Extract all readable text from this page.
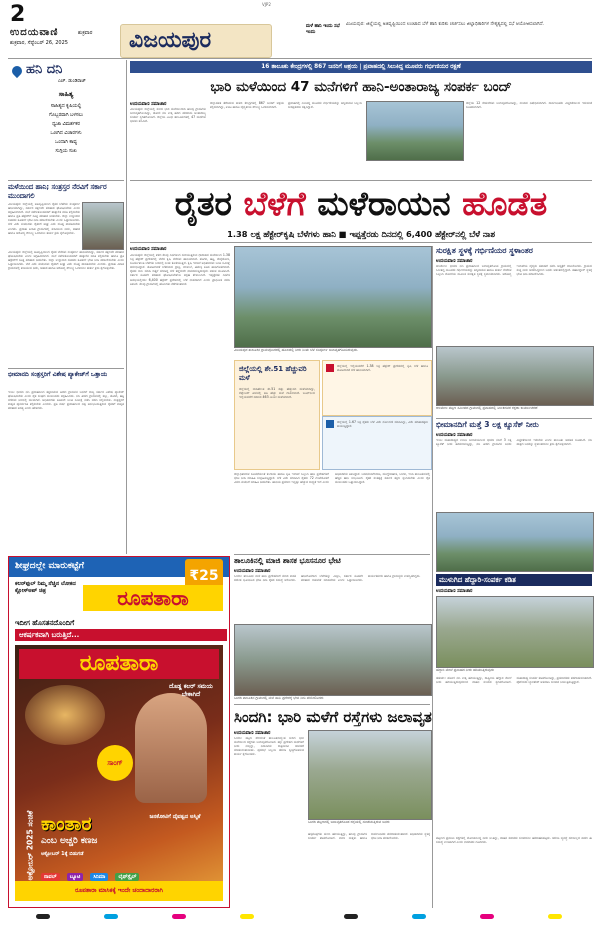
2	VJP2
ಉದಯವಾಣಿ	ಶುಕ್ರವಾರ
ಶುಕ್ರವಾರ, ಸೆಪ್ಟೆಂಬರ್ 26, 2025	ವಿಜಯಪುರ
ಮಳೆ ಹಾನಿ ಇಂದು ಸಭೆ ಇಂದು
ವಿಜಯಪುರ: ಜಿಲ್ಲೆಯಲ್ಲಿ ಅತಿವೃಷ್ಟಿಯಿಂದ ಉಂಟಾದ ಬೆಳೆ ಹಾನಿ ಕುರಿತು ಚರ್ಚಿಸಲು ಜಿಲ್ಲಾಧಿಕಾರಿಗಳ ನೇತೃತ್ವದಲ್ಲಿ ಸಭೆ ಆಯೋಜಿಸಲಾಗಿದೆ.
ಹನಿ ದನಿ
ಎಚ್. ಡುಂಡಿರಾಜ್
ಸಾಹಿತ್ಯ
ಸಾಹಿತ್ಯದ ಕೃಷಿಯಲ್ಲಿ
ಗೊಬ್ಬರವಾಗಿ ಬಳಸಲು
ಧ್ವಜಾ ವಿಮರ್ಶಕರ
ಒಣಗಿದ ವಿಚಾರಗಳು
ಒಂದಾಗಿ ಕಾವ್ಯ
ಸುಗ್ಗಿಯ ಸುಖ
16 ತಾಲೂಕು ಕೇಂದ್ರಗಳಲ್ಲಿ 867 ಜನರಿಗೆ ಆಶ್ರಯ | ಪ್ರವಾಹದಲ್ಲಿ ಸಿಲುಕಿದ್ದ ಮೂವರು ಗರ್ಭಿಣಿಯರ ರಕ್ಷಣೆ
ಭಾರಿ ಮಳೆಯಿಂದ 47 ಮನೆಗಳಿಗೆ ಹಾನಿ-ಅಂತಾರಾಜ್ಯ ಸಂಪರ್ಕ ಬಂದ್
ಉದಯವಾಣಿ ಸಮಾಚಾರ
ವಿಜಯಪುರ: ಜಿಲ್ಲೆಯಲ್ಲಿ ಸುರಿದ ಭಾರಿ ಮಳೆಯಿಂದಾಗಿ ಹಲವು ಗ್ರಾಮಗಳು ಜಲಾವೃತಗೊಂಡಿದ್ದು, ಡೋಣಿ ನದಿ ಉಕ್ಕಿ ಹರಿದ ಪರಿಣಾಮ ಅಂತಾರಾಜ್ಯ ಸಂಪರ್ಕ ಸ್ಥಗಿತಗೊಂಡಿದೆ. ಜಿಲ್ಲೆಯ ವಿವಿಧ ತಾಲೂಕುಗಳಲ್ಲಿ 47 ಮನೆಗಳು ಭಾಗಶಃ ಕುಸಿದಿವೆ.
ಜಿಲ್ಲಾಡಳಿತ ತೆರೆದಿರುವ ಕಾಳಜಿ ಕೇಂದ್ರಗಳಲ್ಲಿ 867 ಜನರಿಗೆ ಆಶ್ರಯ ಕಲ್ಪಿಸಲಾಗಿದ್ದು, ಊಟ ಹಾಗೂ ವೈದ್ಯಕೀಯ ಸೌಲಭ್ಯ ಒದಗಿಸಲಾಗಿದೆ.
ಪ್ರವಾಹದಲ್ಲಿ ಸಿಲುಕಿದ್ದ ಮೂವರು ಗರ್ಭಿಣಿಯರನ್ನು ಅಗ್ನಿಶಾಮಕ ಸಿಬ್ಬಂದಿ ಸುರಕ್ಷಿತವಾಗಿ ರಕ್ಷಿಸಿದ್ದಾರೆ.
ಜಿಲ್ಲೆಯ 12 ಸೇತುವೆಗಳು ಜಲಾವೃತಗೊಂಡಿದ್ದು, ಸಂಚಾರ ನಿಷೇಧಿಸಲಾಗಿದೆ. ಸಾರ್ವಜನಿಕರು ಎಚ್ಚರಿಕೆಯಿಂದ ಇರುವಂತೆ ಸೂಚಿಸಲಾಗಿದೆ.
ಮಳೆಯಿಂದ ಹಾನಿ; ಸಂತ್ರಸ್ತರ ನೆರವಿಗೆ ಸರ್ಕಾರ ಮುಂದಾಗಲಿ
ವಿಜಯಪುರ: ಜಿಲ್ಲೆಯಲ್ಲಿ ಅತಿವೃಷ್ಟಿಯಿಂದ ರೈತರ ಬೆಳೆಗಳು ಸಂಪೂರ್ಣ ಹಾನಿಯಾಗಿದ್ದು, ಸರ್ಕಾರ ತಕ್ಷಣವೇ ಪರಿಹಾರ ಘೋಷಿಸಬೇಕು ಎಂದು ಆಗ್ರಹಿಸಲಾಗಿದೆ. ಮನೆ ಕಳೆದುಕೊಂಡವರಿಗೆ ತಾತ್ಕಾಲಿಕ ವಸತಿ ಕಲ್ಪಿಸಬೇಕು ಹಾಗೂ ಪ್ರತಿ ಹೆಕ್ಟೇರ್‌ಗೆ ಸೂಕ್ತ ಪರಿಹಾರ ನೀಡಬೇಕು. ಜಿಲ್ಲಾ ಉಸ್ತುವಾರಿ ಸಚಿವರು ಕೂಡಲೇ ಭೇಟಿ ನೀಡಿ ಪರಿಶೀಲಿಸಬೇಕು ಎಂದು ಒತ್ತಾಯಿಸಿದರು. ಬೆಳೆ ವಿಮೆ ಕಂಪನಿಗಳು ರೈತರಿಗೆ ಶೀಘ್ರ ವಿಮೆ ಮೊತ್ತ ಪಾವತಿಸಬೇಕು ಎಂದರು. ಪ್ರವಾಹ ಪೀಡಿತ ಗ್ರಾಮಗಳಲ್ಲಿ ಕುಡಿಯುವ ನೀರು, ಆಹಾರ ಹಾಗೂ ಆರೋಗ್ಯ ಸೌಲಭ್ಯ ಒದಗಿಸಲು ತುರ್ತು ಕ್ರಮ ಕೈಗೊಳ್ಳಬೇಕು.
ವಿಜಯಪುರ: ಜಿಲ್ಲೆಯಲ್ಲಿ ಅತಿವೃಷ್ಟಿಯಿಂದ ರೈತರ ಬೆಳೆಗಳು ಸಂಪೂರ್ಣ ಹಾನಿಯಾಗಿದ್ದು, ಸರ್ಕಾರ ತಕ್ಷಣವೇ ಪರಿಹಾರ ಘೋಷಿಸಬೇಕು ಎಂದು ಆಗ್ರಹಿಸಲಾಗಿದೆ. ಮನೆ ಕಳೆದುಕೊಂಡವರಿಗೆ ತಾತ್ಕಾಲಿಕ ವಸತಿ ಕಲ್ಪಿಸಬೇಕು ಹಾಗೂ ಪ್ರತಿ ಹೆಕ್ಟೇರ್‌ಗೆ ಸೂಕ್ತ ಪರಿಹಾರ ನೀಡಬೇಕು. ಜಿಲ್ಲಾ ಉಸ್ತುವಾರಿ ಸಚಿವರು ಕೂಡಲೇ ಭೇಟಿ ನೀಡಿ ಪರಿಶೀಲಿಸಬೇಕು ಎಂದು ಒತ್ತಾಯಿಸಿದರು. ಬೆಳೆ ವಿಮೆ ಕಂಪನಿಗಳು ರೈತರಿಗೆ ಶೀಘ್ರ ವಿಮೆ ಮೊತ್ತ ಪಾವತಿಸಬೇಕು ಎಂದರು. ಪ್ರವಾಹ ಪೀಡಿತ ಗ್ರಾಮಗಳಲ್ಲಿ ಕುಡಿಯುವ ನೀರು, ಆಹಾರ ಹಾಗೂ ಆರೋಗ್ಯ ಸೌಲಭ್ಯ ಒದಗಿಸಲು ತುರ್ತು ಕ್ರಮ ಕೈಗೊಳ್ಳಬೇಕು.
ಭೀಮಾನದಿ ಸಂತ್ರಸ್ತರಿಗೆ ವಿಶೇಷ ಪ್ಯಾಕೇಜ್‌ಗೆ ಒತ್ತಾಯ
ಇಂಡಿ: ಭೀಮಾ ನದಿ ಪ್ರವಾಹದಿಂದ ತತ್ತರಿಸಿರುವ ತೀರದ ಗ್ರಾಮಗಳ ಜನರಿಗೆ ರಾಜ್ಯ ಸರ್ಕಾರ ವಿಶೇಷ ಪ್ಯಾಕೇಜ್ ಘೋಷಿಸಬೇಕು ಎಂದು ರೈತ ಸಂಘದ ಮುಖಂಡರು ಆಗ್ರಹಿಸಿದರು. ನದಿ ತೀರದ ಗ್ರಾಮಗಳಲ್ಲಿ ಕಬ್ಬು, ತೊಗರಿ, ಹತ್ತಿ ಬೆಳೆಗಳು ನೀರಿನಲ್ಲಿ ಮುಳುಗಿವೆ. ಅಧಿಕಾರಿಗಳು ಕೂಡಲೇ ಜಂಟಿ ಸಮೀಕ್ಷೆ ನಡೆಸಿ ವರದಿ ಸಲ್ಲಿಸಬೇಕು. ಸಂತ್ರಸ್ತರಿಗೆ ಶಾಶ್ವತ ಪುನರ್ವಸತಿ ಕಲ್ಪಿಸಬೇಕು ಎಂದರು. ಪ್ರತಿ ವರ್ಷ ಪ್ರವಾಹದಿಂದ ನಷ್ಟ ಅನುಭವಿಸುತ್ತಿರುವ ರೈತರಿಗೆ ಶಾಶ್ವತ ಪರಿಹಾರ ಅಗತ್ಯ ಎಂದು ಹೇಳಿದರು.
ರೈತರ ಬೆಳೆಗೆ ಮಳೆರಾಯನ ಹೊಡೆತ
1.38 ಲಕ್ಷ ಹೆಕ್ಟೇರ್‌ಕೃಷಿ ಬೆಳೆಗಳು ಹಾನಿ ■ ಇಪ್ಪತ್ತೆರಡು ದಿನದಲ್ಲಿ 6,400 ಹೆಕ್ಟೇರ್‌ನಲ್ಲಿ ಬೆಳೆ ನಾಶ
ಉದಯವಾಣಿ ಸಮಾಚಾರ
ವಿಜಯಪುರ: ಜಿಲ್ಲೆಯಲ್ಲಿ ಕಳೆದ ಕೆಲವು ದಿನಗಳಿಂದ ಸುರಿಯುತ್ತಿರುವ ಧಾರಾಕಾರ ಮಳೆಯಿಂದ 1.38 ಲಕ್ಷ ಹೆಕ್ಟೇರ್ ಪ್ರದೇಶದಲ್ಲಿ ಬೆಳೆದ ಕೃಷಿ ಬೆಳೆಗಳು ಹಾನಿಯಾಗಿವೆ. ತೊಗರಿ, ಹತ್ತಿ, ಮೆಕ್ಕೆಜೋಳ, ಸೂರ್ಯಕಾಂತಿ ಬೆಳೆಗಳು ನೀರಿನಲ್ಲಿ ನಿಂತು ಕೊಳೆಯುತ್ತಿವೆ. ಕೃಷಿ ಇಲಾಖೆ ಅಧಿಕಾರಿಗಳು ಜಂಟಿ ಸಮೀಕ್ಷೆ ಆರಂಭಿಸಿದ್ದಾರೆ. ತೋಟಗಾರಿಕೆ ಬೆಳೆಗಳಾದ ದ್ರಾಕ್ಷಿ, ದಾಳಿಂಬೆ, ಈರುಳ್ಳಿ ಕೂಡ ಹಾನಿಗೊಳಗಾಗಿವೆ. ರೈತರು ಸಾಲ ಮಾಡಿ ಬಿತ್ತನೆ ಮಾಡಿದ್ದ ಬೆಳೆ ಕಣ್ಣೆದುರೇ ನಾಶವಾಗುತ್ತಿರುವುದು ಆತಂಕ ಮೂಡಿಸಿದೆ. ಸರ್ಕಾರ ಕೂಡಲೇ ಪರಿಹಾರ ಘೋಷಿಸಬೇಕೆಂಬ ಆಗ್ರಹ ಕೇಳಿಬಂದಿದೆ. ಇಪ್ಪತ್ತೆರಡು ದಿನಗಳ ಅವಧಿಯಲ್ಲಿಯೇ 6,400 ಹೆಕ್ಟೇರ್ ಪ್ರದೇಶದಲ್ಲಿ ಬೆಳೆ ನಾಶವಾಗಿದೆ ಎಂದು ಪ್ರಾಥಮಿಕ ವರದಿ ತಿಳಿಸಿದೆ. ಕೆಲವು ಗ್ರಾಮಗಳಲ್ಲಿ ಹೊಲಗಳು ಕೆರೆಗಳಂತಾಗಿವೆ.
ವಿಜಯಪುರ ತಾಲೂಕಿನ ಗ್ರಾಮವೊಂದರಲ್ಲಿ ಹೊಲದಲ್ಲಿ ನೀರು ನಿಂತು ಬೆಳೆ ಸಂಪೂರ್ಣ ಜಲಾವೃತಗೊಂಡಿರುವುದು.
ಜಿಲ್ಲೆಯಲ್ಲಿ ಶೇ.51 ಹೆಚ್ಚುವರಿ ಮಳೆ
ಜಿಲ್ಲೆಯಲ್ಲಿ ವಾಡಿಕೆಗಿಂತ ಶೇ.51 ರಷ್ಟು ಹೆಚ್ಚುವರಿ ಮಳೆಯಾಗಿದ್ದು, ಸೆಪ್ಟೆಂಬರ್ ತಿಂಗಳಲ್ಲಿ ಅತಿ ಹೆಚ್ಚು ಮಳೆ ದಾಖಲಾಗಿದೆ. ಜೂನ್‌ನಿಂದ ಇಲ್ಲಿಯವರೆಗೆ ಸರಾಸರಿ 463 ಮಿಮೀ ಮಳೆಯಾಗಿದೆ.
ಜಿಲ್ಲೆಯಲ್ಲಿ ಇಲ್ಲಿಯವರೆಗೆ 1.38 ಲಕ್ಷ ಹೆಕ್ಟೇರ್ ಪ್ರದೇಶದಲ್ಲಿ ಕೃಷಿ ಬೆಳೆ ಹಾಗೂ ತೋಟಗಾರಿಕೆ ಬೆಳೆ ಹಾನಿಯಾಗಿದೆ.
ಜಿಲ್ಲೆಯಲ್ಲಿ 1.67 ಲಕ್ಷ ರೈತರು ಬೆಳೆ ವಿಮೆ ನೋಂದಣಿ ಮಾಡಿಸಿದ್ದು, ವಿಮೆ ಪರಿಹಾರಕ್ಕಾಗಿ ಕಾಯುತ್ತಿದ್ದಾರೆ.
ಜಿಲ್ಲಾಧಿಕಾರಿಗಳ ಸೂಚನೆಯಂತೆ ಕಂದಾಯ ಹಾಗೂ ಕೃಷಿ ಇಲಾಖೆ ಸಿಬ್ಬಂದಿ ಹಾನಿ ಪ್ರದೇಶಗಳಿಗೆ ಭೇಟಿ ನೀಡಿ ಮಾಹಿತಿ ಸಂಗ್ರಹಿಸುತ್ತಿದ್ದಾರೆ. ಬೆಳೆ ವಿಮೆ ಮಾಡಿಸಿದ ರೈತರು 72 ಗಂಟೆಯೊಳಗೆ ವಿಮಾ ಕಂಪನಿಗೆ ಮಾಹಿತಿ ನೀಡಬೇಕು. ಹಾನಿಯ ಪ್ರಮಾಣ ಇನ್ನಷ್ಟು ಹೆಚ್ಚುವ ಸಾಧ್ಯತೆ ಇದೆ ಎಂದು ಅಧಿಕಾರಿಗಳು ತಿಳಿಸಿದ್ದಾರೆ. ಬಸವನಬಾಗೇವಾಡಿ, ಮುದ್ದೇಬಿಹಾಳ, ಸಿಂದಗಿ, ಇಂಡಿ ತಾಲೂಕುಗಳಲ್ಲಿ ಹೆಚ್ಚಿನ ಹಾನಿ ಸಂಭವಿಸಿದೆ. ರೈತರ ಸಂಕಷ್ಟಕ್ಕೆ ಸರ್ಕಾರ ತಕ್ಷಣ ಸ್ಪಂದಿಸಬೇಕು ಎಂದು ರೈತ ಮುಖಂಡರು ಒತ್ತಾಯಿಸಿದ್ದಾರೆ.
ಸುರಕ್ಷಿತ ಸ್ಥಳಕ್ಕೆ ಗರ್ಭಿಣಿಯರ ಸ್ಥಳಾಂತರ
ಉದಯವಾಣಿ ಸಮಾಚಾರ
ಆಲಮೇಲ: ಭೀಮಾ ನದಿ ಪ್ರವಾಹದಿಂದ ಜಲಾವೃತಗೊಂಡ ಗ್ರಾಮದಲ್ಲಿ ಸಿಲುಕಿದ್ದ ಮೂವರು ಗರ್ಭಿಣಿಯರನ್ನು ಅಗ್ನಿಶಾಮಕ ಹಾಗೂ ತುರ್ತು ಸೇವೆಗಳ ಸಿಬ್ಬಂದಿ ದೋಣಿಯ ಮೂಲಕ ಸುರಕ್ಷಿತ ಸ್ಥಳಕ್ಕೆ ಸ್ಥಳಾಂತರಿಸಿದರು. ಆರೋಗ್ಯ ಇಲಾಖೆಯ ವೈದ್ಯರು ತಪಾಸಣೆ ನಡೆಸಿ ಆಸ್ಪತ್ರೆಗೆ ದಾಖಲಿಸಿದರು. ಗ್ರಾಮದ ಸುತ್ತ ನೀರು ಆವರಿಸಿದ್ದರಿಂದ ಜನರು ಆತಂಕದಲ್ಲಿದ್ದಾರೆ. ತಹಶೀಲ್ದಾರ್ ಸ್ಥಳಕ್ಕೆ ಭೇಟಿ ನೀಡಿ ಪರಿಶೀಲಿಸಿದರು.
ಆಲಮೇಲ ಪಟ್ಟಣ ಸಮೀಪದ ಗ್ರಾಮದಲ್ಲಿ ಪ್ರವಾಹದಲ್ಲಿ ಸಿಲುಕಿದವರ ರಕ್ಷಣಾ ಕಾರ್ಯಾಚರಣೆ
ಭೀಮಾನದಿಗೆ ಮತ್ತೆ 3 ಲಕ್ಷ ಕ್ಯೂಸೆಕ್ ನೀರು
ಉದಯವಾಣಿ ಸಮಾಚಾರ
ಇಂಡಿ: ಮಹಾರಾಷ್ಟ್ರದ ಉಜನಿ ಜಲಾಶಯದಿಂದ ಭೀಮಾ ನದಿಗೆ 3 ಲಕ್ಷ ಕ್ಯೂಸೆಕ್ ನೀರು ಹರಿಸಲಾಗುತ್ತಿದ್ದು, ನದಿ ತೀರದ ಗ್ರಾಮಗಳ ಜನರು ಎಚ್ಚರಿಕೆಯಿಂದ ಇರಬೇಕು ಎಂದು ತಾಲೂಕು ಆಡಳಿತ ಸೂಚಿಸಿದೆ. ನದಿ ಪಾತ್ರದ ಜನರನ್ನು ಸ್ಥಳಾಂತರಿಸಲು ಕ್ರಮ ಕೈಗೊಳ್ಳಲಾಗಿದೆ.
ಮುಳುಗಿದ ಹೆದ್ದಾರಿ-ಸಂಪರ್ಕ ಕಡಿತ
ಉದಯವಾಣಿ ಸಮಾಚಾರ
ಹೆದ್ದಾರಿ ಮೇಲೆ ಪ್ರವಾಹದ ನೀರು ಹರಿಯುತ್ತಿರುವುದು
ಚಡಚಣ: ಡೋಣಿ ನದಿ ಉಕ್ಕಿ ಹರಿಯುತ್ತಿದ್ದು, ರಾಷ್ಟ್ರೀಯ ಹೆದ್ದಾರಿ ಮೇಲೆ ನೀರು ಹರಿಯುತ್ತಿರುವುದರಿಂದ ವಾಹನ ಸಂಚಾರ ಸ್ಥಗಿತಗೊಂಡಿದೆ. ಮಹಾರಾಷ್ಟ್ರ ಸಂಪರ್ಕ ಕಡಿತಗೊಂಡಿದ್ದು, ಪ್ರಯಾಣಿಕರು ಪರದಾಡುವಂತಾಗಿದೆ. ಪೊಲೀಸರು ಬ್ಯಾರಿಕೇಡ್ ಅಳವಡಿಸಿ ಸಂಚಾರ ನಿಯಂತ್ರಿಸುತ್ತಿದ್ದಾರೆ.
ತಾಲೂಕಿನಲ್ಲಿ ಮಾಜಿ ಶಾಸಕ ಭೂಸನೂರ ಭೇಟಿ
ಉದಯವಾಣಿ ಸಮಾಚಾರ
ಸಿಂದಗಿ: ತಾಲೂಕಿನ ಮಳೆ ಹಾನಿ ಪ್ರದೇಶಗಳಿಗೆ ಮಾಜಿ ಶಾಸಕ ರಮೇಶ ಭೂಸನೂರ ಭೇಟಿ ನೀಡಿ ರೈತರ ಸಮಸ್ಯೆ ಆಲಿಸಿದರು. ಹಾನಿಗೊಳಗಾದ ಬೆಳೆಗಳನ್ನು ವೀಕ್ಷಿಸಿ, ಸರ್ಕಾರ ಕೂಡಲೇ ಪರಿಹಾರ ಬಿಡುಗಡೆ ಮಾಡಬೇಕು ಎಂದು ಒತ್ತಾಯಿಸಿದರು. ಕಾರ್ಯಕರ್ತರು ಹಾಗೂ ಗ್ರಾಮಸ್ಥರು ಉಪಸ್ಥಿತರಿದ್ದರು.
ಸಿಂದಗಿ ತಾಲೂಕಿನ ಗ್ರಾಮದಲ್ಲಿ ಮಳೆ ಹಾನಿ ಪ್ರದೇಶಕ್ಕೆ ಭೇಟಿ ನೀಡಿ ಪರಿಶೀಲಿಸಿದರು
ಸಿಂದಗಿ: ಭಾರಿ ಮಳೆಗೆ ರಸ್ತೆಗಳು ಜಲಾವೃತ
ಉದಯವಾಣಿ ಸಮಾಚಾರ
ಸಿಂದಗಿ: ಪಟ್ಟಣ ಸೇರಿದಂತೆ ತಾಲೂಕಿನಾದ್ಯಂತ ಸುರಿದ ಭಾರಿ ಮಳೆಯಿಂದ ರಸ್ತೆಗಳು ಜಲಾವೃತಗೊಂಡಿವೆ. ತಗ್ಗು ಪ್ರದೇಶದ ಮನೆಗಳಿಗೆ ನೀರು ನುಗ್ಗಿದ್ದು, ನಿವಾಸಿಗಳು ರಾತ್ರಿಯಿಡೀ ಜಾಗರಣೆ ಮಾಡುವಂತಾಯಿತು. ಪುರಸಭೆ ಸಿಬ್ಬಂದಿ ಚರಂಡಿ ಸ್ವಚ್ಛಗೊಳಿಸುವ ಕಾರ್ಯ ಕೈಗೊಂಡರು.
ಸಿಂದಗಿ ಪಟ್ಟಣದಲ್ಲಿ ಜಲಾವೃತಗೊಂಡ ರಸ್ತೆಯಲ್ಲಿ ಸಂಚರಿಸುತ್ತಿರುವ ಜನರು
ಹಳ್ಳಕೊಳ್ಳಗಳು ತುಂಬಿ ಹರಿಯುತ್ತಿದ್ದು, ಹಲವು ಗ್ರಾಮಗಳ ಸಂಪರ್ಕ ಕಡಿತಗೊಂಡಿದೆ. ಶಾಲಾ ಮಕ್ಕಳು ಹಾಗೂ ಸಾರ್ವಜನಿಕರು ಪರದಾಡುವಂತಾಗಿದೆ. ಅಧಿಕಾರಿಗಳು ಸ್ಥಳಕ್ಕೆ ಭೇಟಿ ನೀಡಿ ಪರಿಶೀಲಿಸಿದರು.	ಪಟ್ಟಣದ ಪ್ರಮುಖ ರಸ್ತೆಗಳಲ್ಲಿ ಮೊಣಕಾಲುದ್ದ ನೀರು ನಿಂತಿದ್ದು, ವಾಹನ ಸವಾರರು ಸಂಚರಿಸಲು ಹರಸಾಹಸಪಟ್ಟರು. ಚರಂಡಿ ವ್ಯವಸ್ಥೆ ಸರಿಯಿಲ್ಲದ ಕಾರಣ ಈ ಸಮಸ್ಯೆ ಉಂಟಾಗಿದೆ ಎಂದು ನಾಗರಿಕರು ದೂರಿದರು.
ಶೀಘ್ರದಲ್ಲೇ ಮಾರುಕಟ್ಟೆಗೆ
₹25
ಕಲರ್‌ಫುಲ್ ನಿಮ್ಮ ನೆಚ್ಚಿನ ಲೋಕದ ಕ್ಲೋಸ್‌ಅಪ್ ಚಿತ್ರ	ರೂಪತಾರಾ
ಇದೀಗ ಹೊಸತನದೊಂದಿಗೆ
ಆಕರ್ಷಕವಾಗಿ ಬರುತ್ತಿದೆ...
ರೂಪತಾರಾ
ದೊಡ್ಡ ಕಲರ್ ಸಮಯ ಬೇಕಾಗಿದೆ
ಸಾಂಗ್
ಕಾಂತಾರ
ಎಂಬ ಅಚ್ಚರಿ ಕಣಜ
ಜನಕೋಟಿಗೆ ದೈವತ್ವದ ಅಸ್ಮಿತೆ
ಅಕ್ಟೋಬರ್ 1ಕ್ಕೆ ಬಿಡುಗಡೆ
ಅಕ್ಟೋಬರ್ 2025 ಸಂಚಿಕೆ	ನಾವಲ್	ಬ್ಯೂಟಿ	ಸಿನಿಮಾ	ಲೈಫ್‌ಸ್ಟೈಲ್
ರೂಪತಾರಾ ಮಾಸಿಕಕ್ಕೆ ಇಂದೇ ಚಂದಾದಾರರಾಗಿ
